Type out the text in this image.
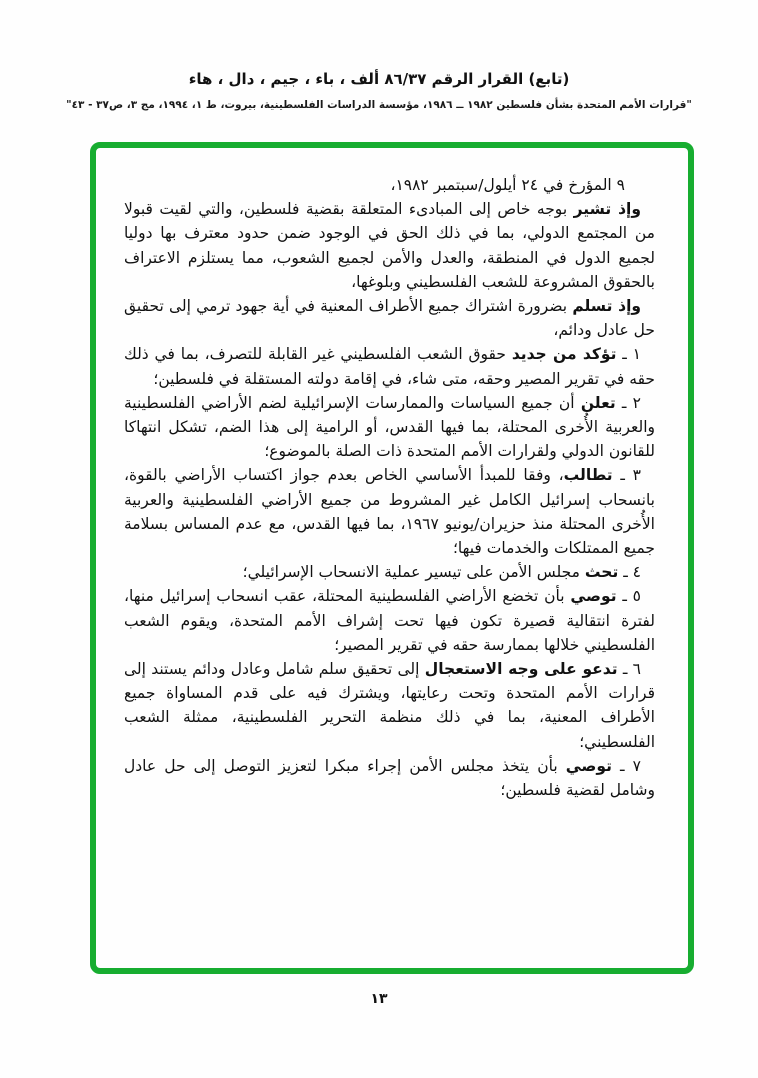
(تابع) القرار الرقم ٨٦/٣٧ ألف ، باء ، جيم ، دال ، هاء
"قرارات الأمم المتحدة بشأن فلسطين ١٩٨٢ ــ ١٩٨٦، مؤسسة الدراسات الفلسطينية، بيروت، ط ١، ١٩٩٤، مج ٣، ص٣٧ - ٤٣"

٩ المؤرخ في ٢٤ أيلول/سبتمبر ١٩٨٢،

وإذ تشير بوجه خاص إلى المبادىء المتعلقة بقضية فلسطين، والتي لقيت قبولا من المجتمع الدولي، بما في ذلك الحق في الوجود ضمن حدود معترف بها دوليا لجميع الدول في المنطقة، والعدل والأمن لجميع الشعوب، مما يستلزم الاعتراف بالحقوق المشروعة للشعب الفلسطيني وبلوغها،

وإذ تسلم بضرورة اشتراك جميع الأطراف المعنية في أية جهود ترمي إلى تحقيق حل عادل ودائم،

١ ـ تؤكد من جديد حقوق الشعب الفلسطيني غير القابلة للتصرف، بما في ذلك حقه في تقرير المصير وحقه، متى شاء، في إقامة دولته المستقلة في فلسطين؛

٢ ـ تعلن أن جميع السياسات والممارسات الإسرائيلية لضم الأراضي الفلسطينية والعربية الأُخرى المحتلة، بما فيها القدس، أو الرامية إلى هذا الضم، تشكل انتهاكا للقانون الدولي ولقرارات الأمم المتحدة ذات الصلة بالموضوع؛

٣ ـ تطالب، وفقا للمبدأ الأساسي الخاص بعدم جواز اكتساب الأراضي بالقوة، بانسحاب إسرائيل الكامل غير المشروط من جميع الأراضي الفلسطينية والعربية الأُخرى المحتلة منذ حزيران/يونيو ١٩٦٧، بما فيها القدس، مع عدم المساس بسلامة جميع الممتلكات والخدمات فيها؛

٤ ـ تحث مجلس الأمن على تيسير عملية الانسحاب الإسرائيلي؛

٥ ـ توصي بأن تخضع الأراضي الفلسطينية المحتلة، عقب انسحاب إسرائيل منها، لفترة انتقالية قصيرة تكون فيها تحت إشراف الأمم المتحدة، ويقوم الشعب الفلسطيني خلالها بممارسة حقه في تقرير المصير؛

٦ ـ تدعو على وجه الاستعجال إلى تحقيق سلم شامل وعادل ودائم يستند إلى قرارات الأمم المتحدة وتحت رعايتها، ويشترك فيه على قدم المساواة جميع الأطراف المعنية، بما في ذلك منظمة التحرير الفلسطينية، ممثلة الشعب الفلسطيني؛

٧ ـ توصي بأن يتخذ مجلس الأمن إجراء مبكرا لتعزيز التوصل إلى حل عادل وشامل لقضية فلسطين؛

١٣
